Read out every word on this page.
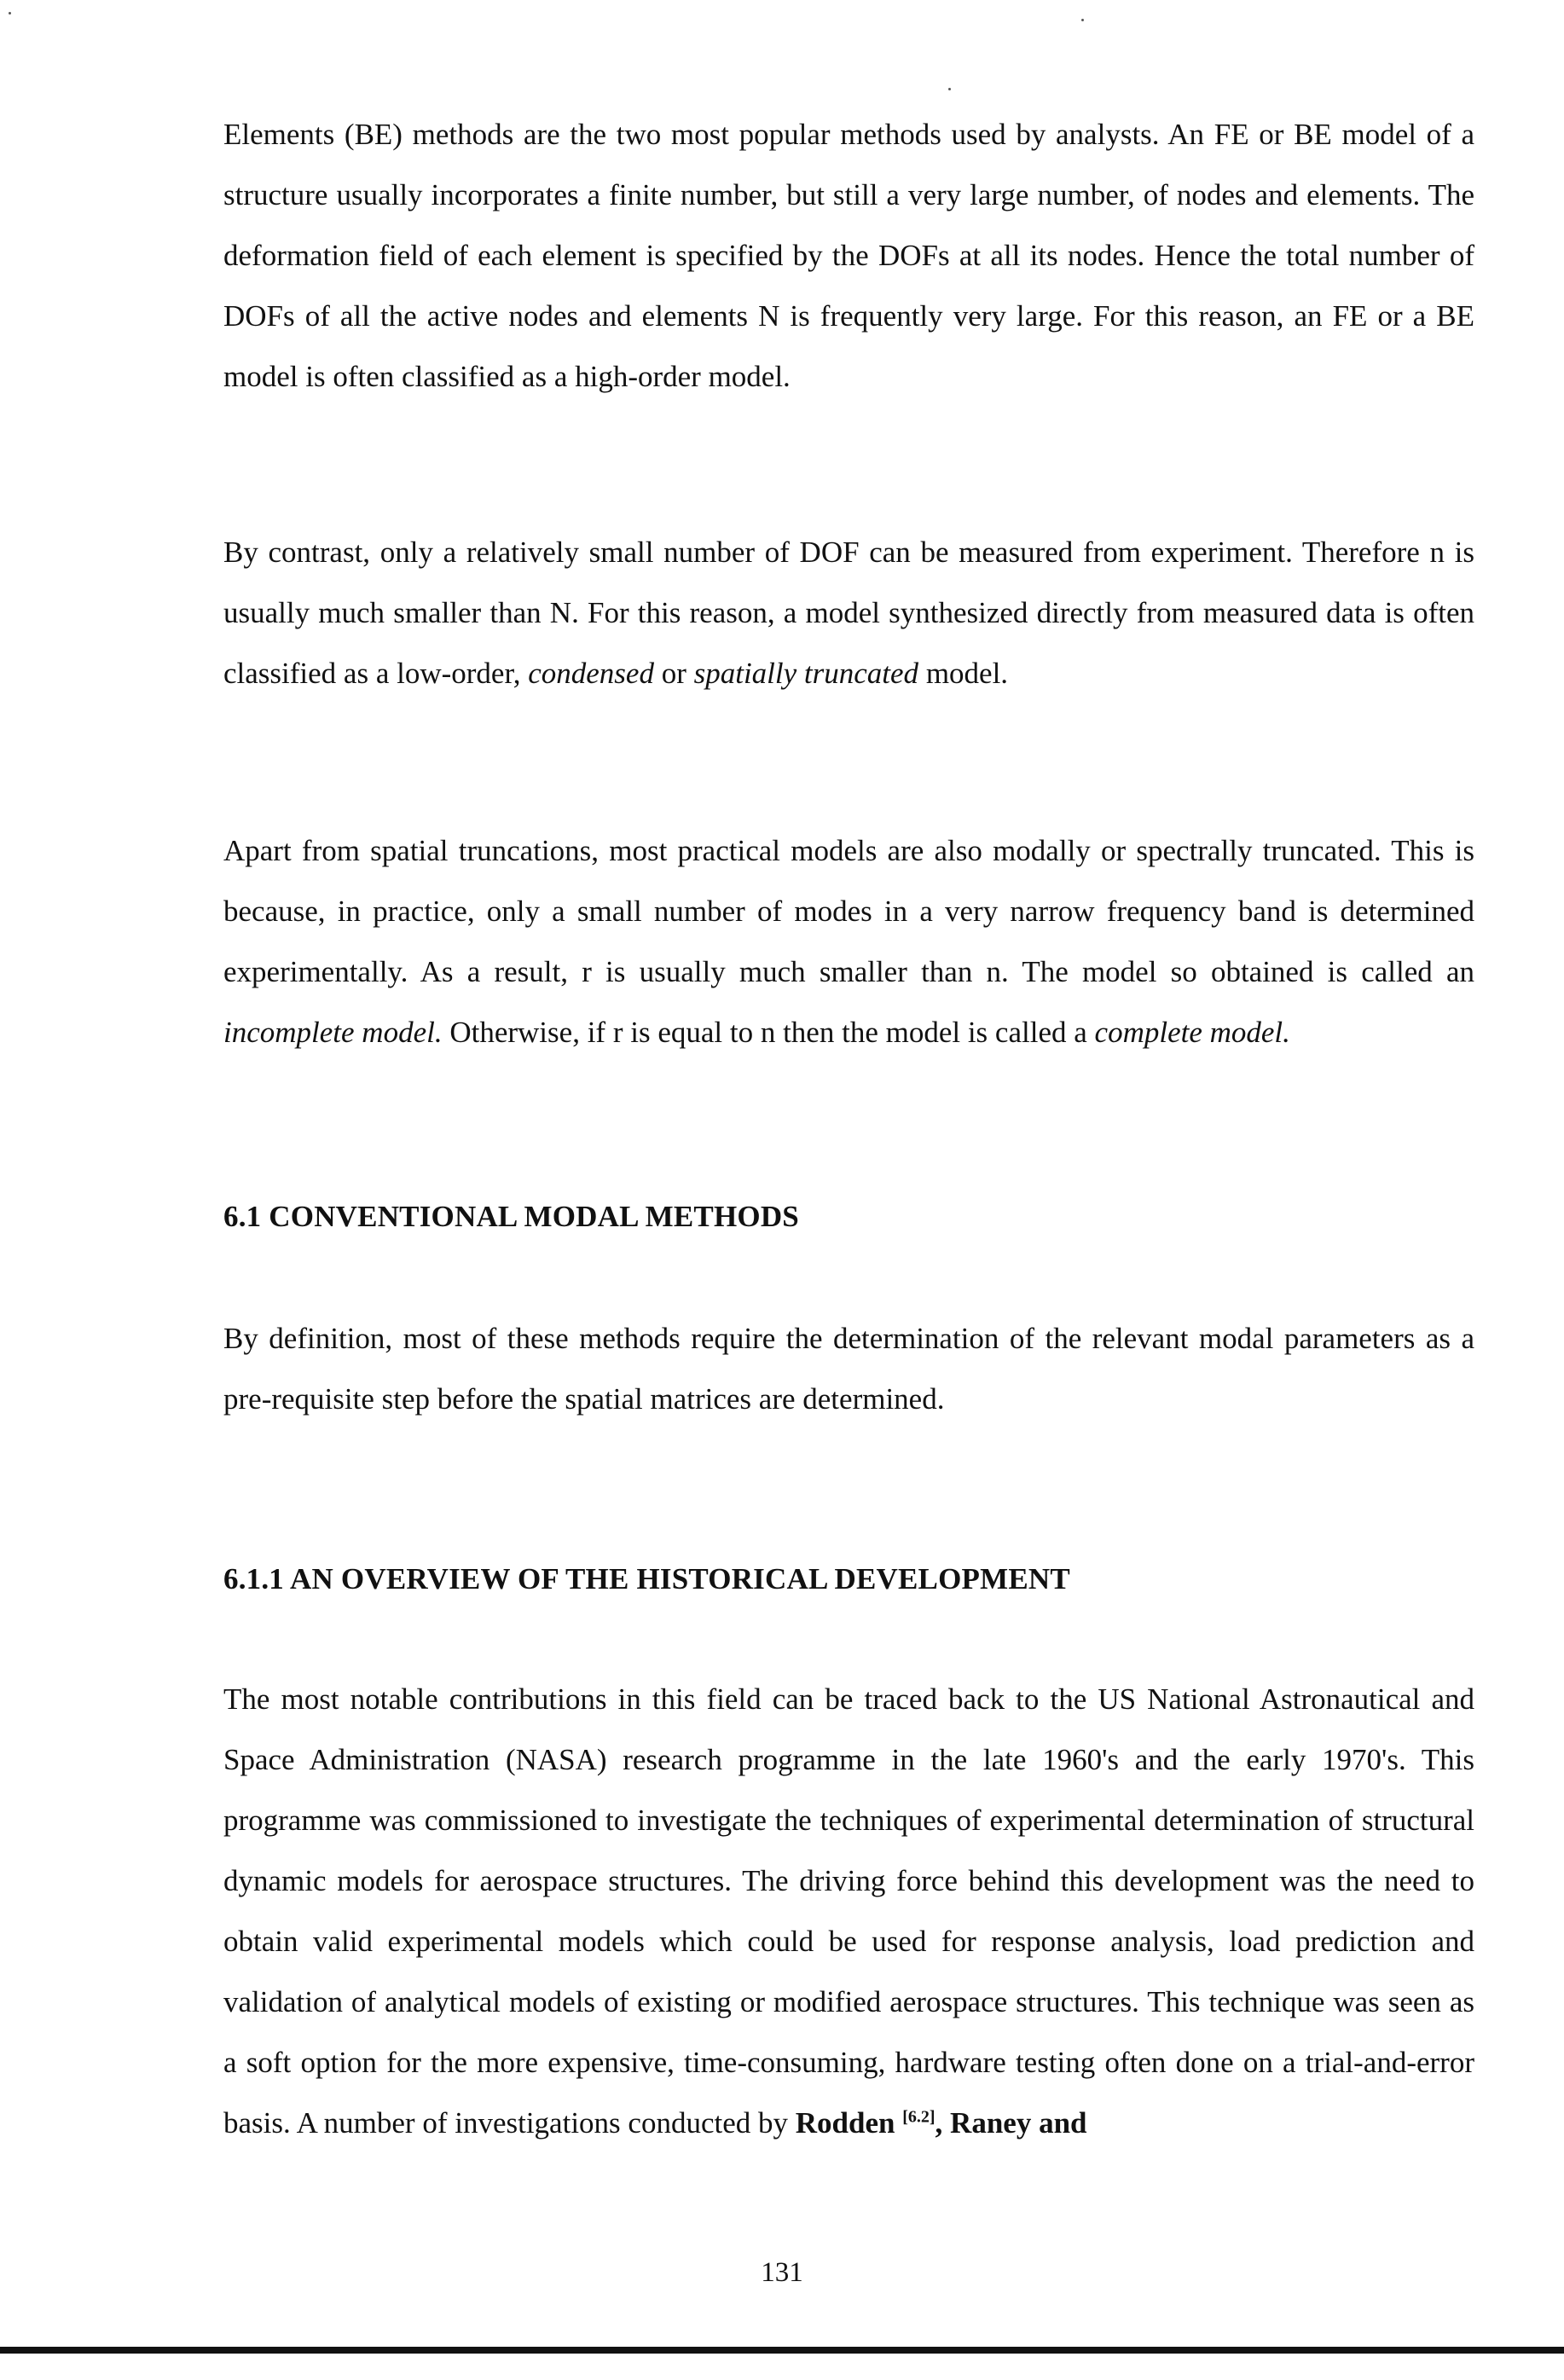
Elements (BE) methods are the two most popular methods used by analysts. An FE or BE model of a structure usually incorporates a finite number, but still a very large number, of nodes and elements. The deformation field of each element is specified by the DOFs at all its nodes. Hence the total number of DOFs of all the active nodes and elements N is frequently very large. For this reason, an FE or a BE model is often classified as a high-order model.

By contrast, only a relatively small number of DOF can be measured from experiment. Therefore n is usually much smaller than N. For this reason, a model synthesized directly from measured data is often classified as a low-order, condensed or spatially truncated model.

Apart from spatial truncations, most practical models are also modally or spectrally truncated. This is because, in practice, only a small number of modes in a very narrow frequency band is determined experimentally. As a result, r is usually much smaller than n. The model so obtained is called an incomplete model. Otherwise, if r is equal to n then the model is called a complete model.

6.1 CONVENTIONAL MODAL METHODS

By definition, most of these methods require the determination of the relevant modal parameters as a pre-requisite step before the spatial matrices are determined.

6.1.1 AN OVERVIEW OF THE HISTORICAL DEVELOPMENT

The most notable contributions in this field can be traced back to the US National Astronautical and Space Administration (NASA) research programme in the late 1960's and the early 1970's. This programme was commissioned to investigate the techniques of experimental determination of structural dynamic models for aerospace structures. The driving force behind this development was the need to obtain valid experimental models which could be used for response analysis, load prediction and validation of analytical models of existing or modified aerospace structures. This technique was seen as a soft option for the more expensive, time-consuming, hardware testing often done on a trial-and-error basis. A number of investigations conducted by Rodden [6.2], Raney and

131
